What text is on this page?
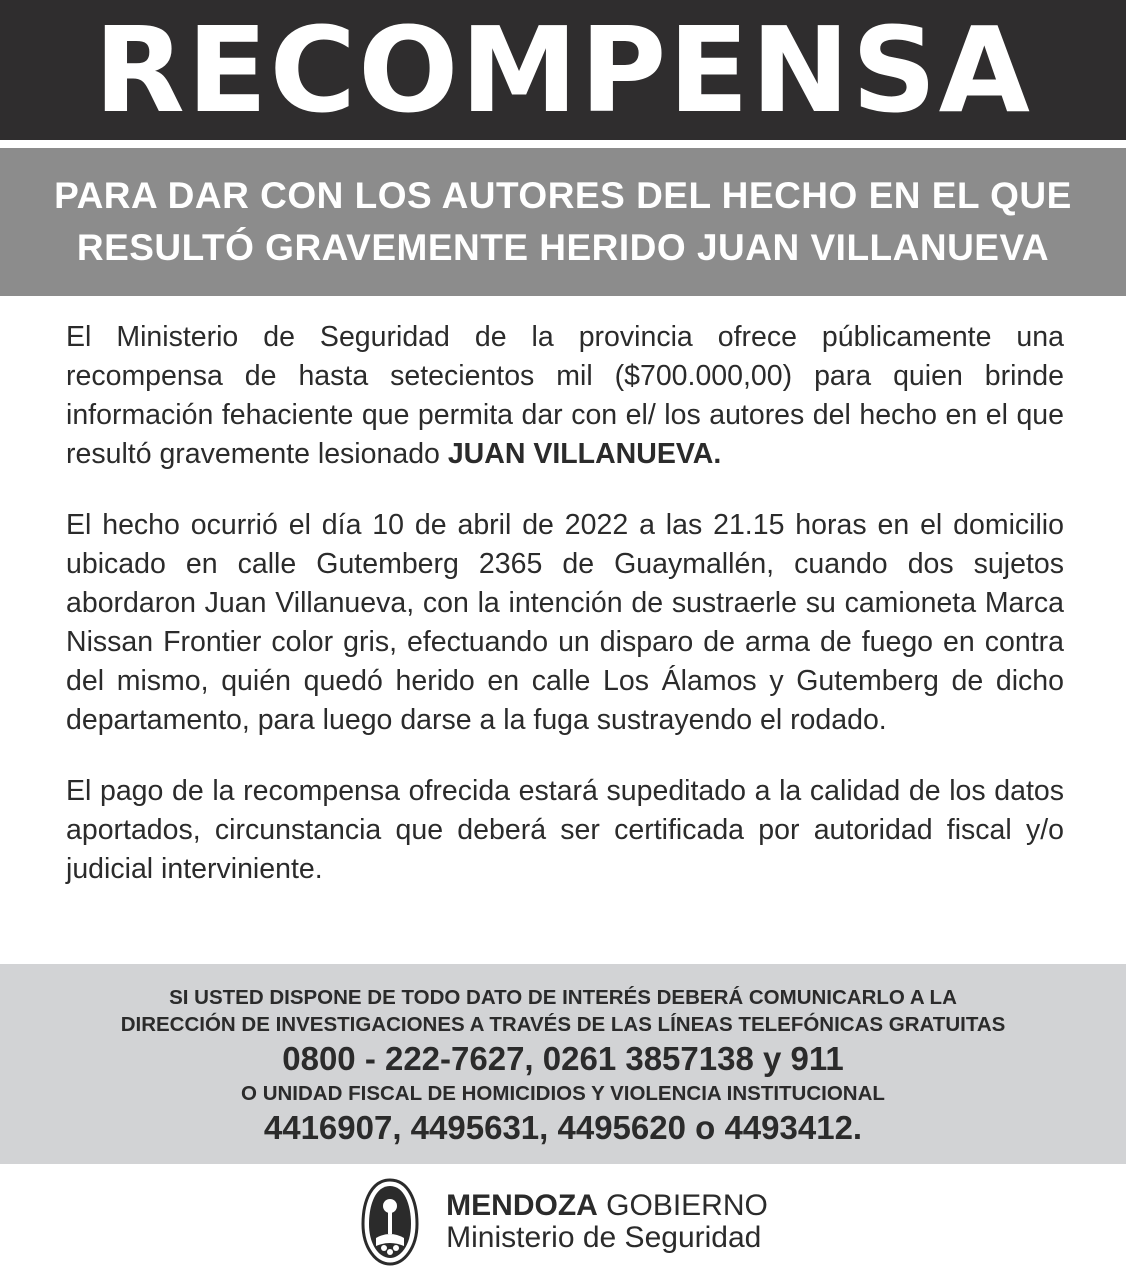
RECOMPENSA
PARA DAR CON LOS AUTORES DEL HECHO EN EL QUE
RESULTÓ GRAVEMENTE HERIDO JUAN VILLANUEVA

El Ministerio de Seguridad de la provincia ofrece públicamente una recompensa de hasta setecientos mil ($700.000,00) para quien brinde información fehaciente que permita dar con el/ los autores del hecho en el que resultó gravemente lesionado JUAN VILLANUEVA.

El hecho ocurrió el día 10 de abril de 2022 a las 21.15 horas en el domicilio ubicado en calle Gutemberg 2365 de Guaymallén, cuando dos sujetos abordaron Juan Villanueva, con la intención de sustraerle su camioneta Marca Nissan Frontier color gris, efectuando un disparo de arma de fuego en contra del mismo, quién quedó herido en calle Los Álamos y Gutemberg de dicho departamento, para luego darse a la fuga sustrayendo el rodado.

El pago de la recompensa ofrecida estará supeditado a la calidad de los datos aportados, circunstancia que deberá ser certificada por autoridad fiscal y/o judicial interviniente.

SI USTED DISPONE DE TODO DATO DE INTERÉS DEBERÁ COMUNICARLO A LA
DIRECCIÓN DE INVESTIGACIONES A TRAVÉS DE LAS LÍNEAS TELEFÓNICAS GRATUITAS
0800 - 222-7627, 0261 3857138 y 911
O UNIDAD FISCAL DE HOMICIDIOS Y VIOLENCIA INSTITUCIONAL
4416907, 4495631, 4495620 o 4493412.
MENDOZA GOBIERNO
Ministerio de Seguridad
